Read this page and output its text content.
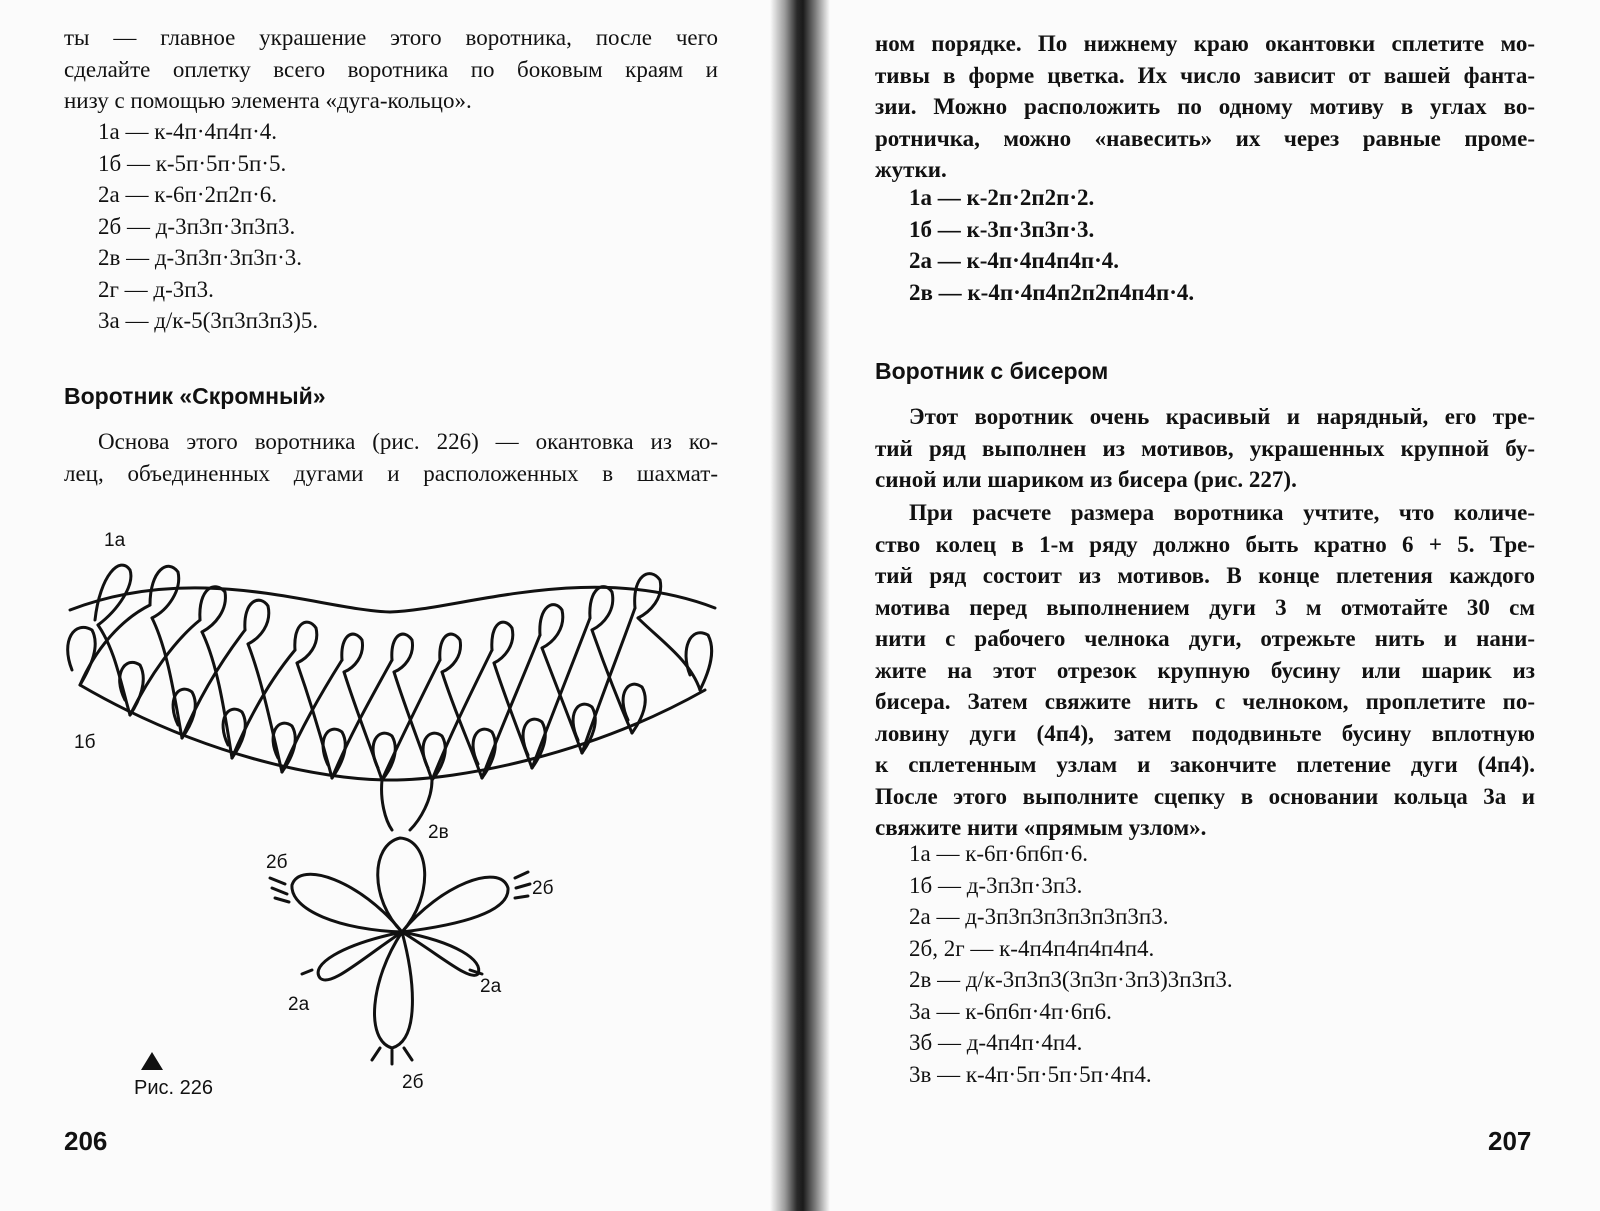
ты — главное украшение этого воротника, после чего

сделайте оплетку всего воротника по боковым краям и

низу с помощью элемента «дуга-кольцо».

1а — к-4п·4п4п·4.

1б — к-5п·5п·5п·5.

2а — к-6п·2п2п·6.

2б — д-3п3п·3п3п3.

2в — д-3п3п·3п3п·3.

2г — д-3п3.

3а — д/к-5(3п3п3п3)5.

Воротник «Скромный»

Основа этого воротника (рис. 226) — окантовка из ко-

лец, объединенных дугами и расположенных в шахмат-

1а
1б
2в
2б
2б
2а
2а
2б
Рис. 226
206

ном порядке. По нижнему краю окантовки сплетите мо-

тивы в форме цветка. Их число зависит от вашей фанта-

зии. Можно расположить по одному мотиву в углах во-

ротничка, можно «навесить» их через равные проме-

жутки.

1а — к-2п·2п2п·2.

1б — к-3п·3п3п·3.

2а — к-4п·4п4п4п·4.

2в — к-4п·4п4п2п2п4п4п·4.

Воротник с бисером

Этот воротник очень красивый и нарядный, его тре-

тий ряд выполнен из мотивов, украшенных крупной бу-

синой или шариком из бисера (рис. 227).

При расчете размера воротника учтите, что количе-

ство колец в 1-м ряду должно быть кратно 6 + 5. Тре-

тий ряд состоит из мотивов. В конце плетения каждого

мотива перед выполнением дуги 3 м отмотайте 30 см

нити с рабочего челнока дуги, отрежьте нить и нани-

жите на этот отрезок крупную бусину или шарик из

бисера. Затем свяжите нить с челноком, проплетите по-

ловину дуги (4п4), затем пододвиньте бусину вплотную

к сплетенным узлам и закончите плетение дуги (4п4).

После этого выполните сцепку в основании кольца 3а и

свяжите нити «прямым узлом».

1а — к-6п·6п6п·6.

1б — д-3п3п·3п3.

2а — д-3п3п3п3п3п3п3п3.

2б, 2г — к-4п4п4п4п4п4.

2в — д/к-3п3п3(3п3п·3п3)3п3п3.

3а — к-6п6п·4п·6п6.

3б — д-4п4п·4п4.

3в — к-4п·5п·5п·5п·4п4.

207
